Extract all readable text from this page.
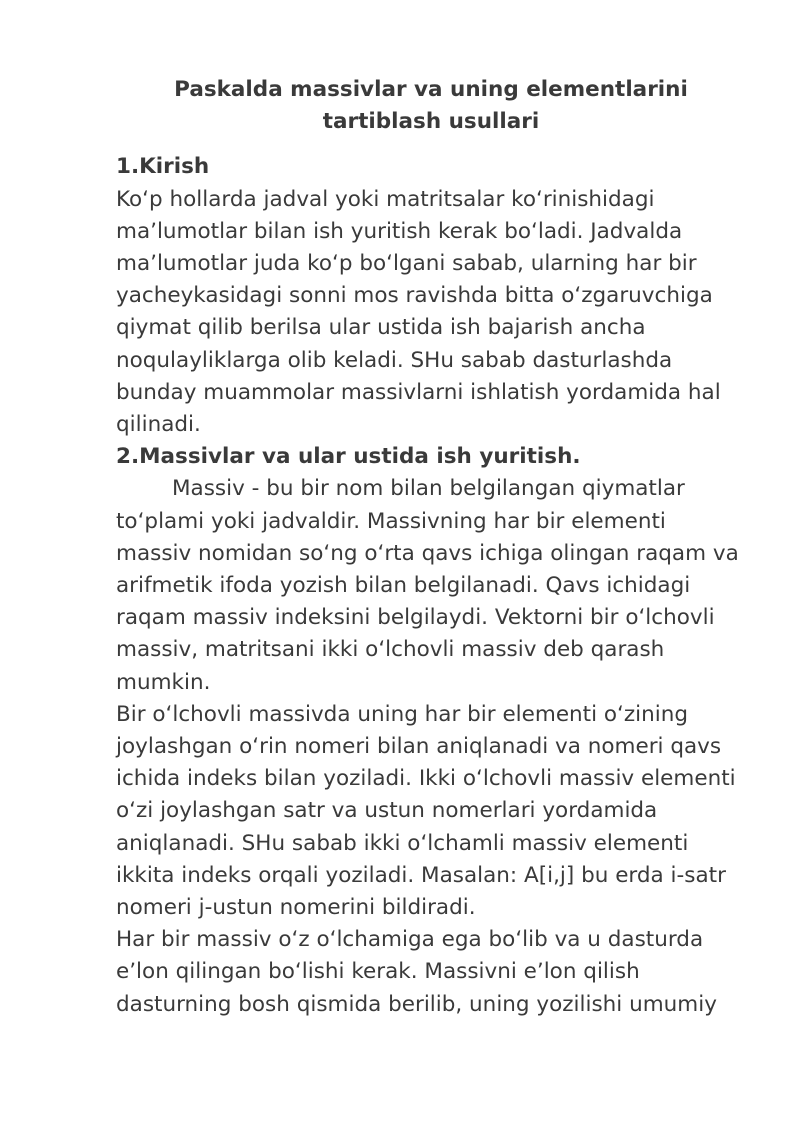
Paskalda massivlar va uning elementlarini tartiblash usullari
1.Kirish

Koʻp hollarda jadval yoki matritsalar koʻrinishidagi maʼlumotlar bilan ish yuritish kerak boʻladi. Jadvalda maʼlumotlar juda koʻp boʻlgani sabab, ularning har bir yacheykasidagi sonni mos ravishda bitta oʻzgaruvchiga qiymat qilib berilsa ular ustida ish bajarish ancha noqulayliklarga olib keladi. SHu sabab dasturlashda bunday muammolar massivlarni ishlatish yordamida hal qilinadi.

2.Massivlar va ular ustida ish yuritish.

Massiv - bu bir nom bilan belgilangan qiymatlar toʻplami yoki jadvaldir. Massivning har bir elementi massiv nomidan soʻng oʻrta qavs ichiga olingan raqam va arifmetik ifoda yozish bilan belgilanadi. Qavs ichidagi raqam massiv indeksini belgilaydi. Vektorni bir oʻlchovli massiv, matritsani ikki oʻlchovli massiv deb qarash mumkin.

Bir oʻlchovli massivda uning har bir elementi oʻzining joylashgan oʻrin nomeri bilan aniqlanadi va nomeri qavs ichida indeks bilan yoziladi. Ikki oʻlchovli massiv elementi oʻzi joylashgan satr va ustun nomerlari yordamida aniqlanadi. SHu sabab ikki oʻlchamli massiv elementi ikkita indeks orqali yoziladi. Masalan: A[i,j] bu erda i-satr nomeri j-ustun nomerini bildiradi.

Har bir massiv oʻz oʻlchamiga ega boʻlib va u dasturda eʼlon qilingan boʻlishi kerak. Massivni eʼlon qilish dasturning bosh qismida berilib, uning yozilishi umumiy
